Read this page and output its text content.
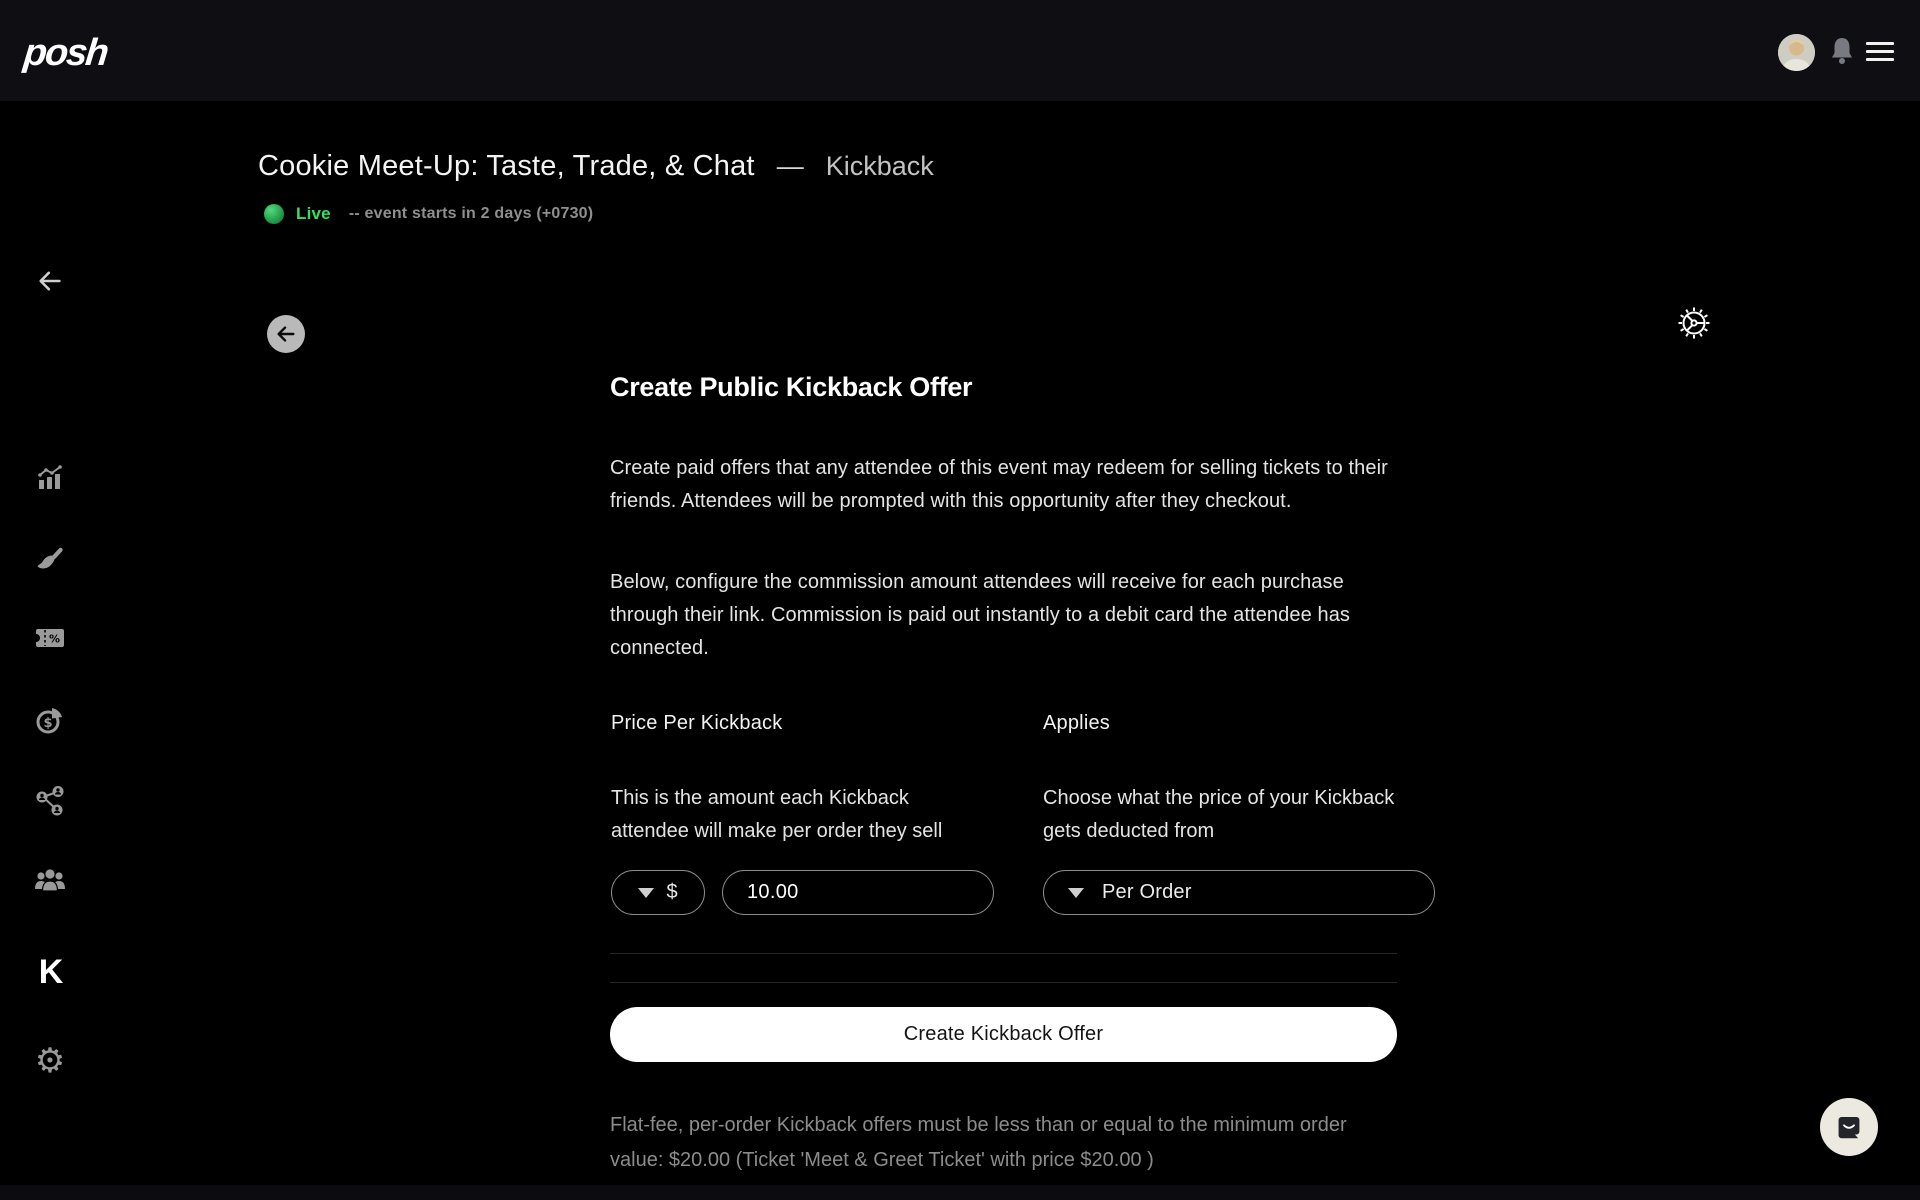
posh
%
$
K
⚙
Cookie Meet-Up: Taste, Trade, & Chat — Kickback
Live -- event starts in 2 days (+0730)
Create Public Kickback Offer

Create paid offers that any attendee of this event may redeem for selling tickets to their friends. Attendees will be prompted with this opportunity after they checkout.

Below, configure the commission amount attendees will receive for each purchase through their link. Commission is paid out instantly to a debit card the attendee has connected.

Price Per Kickback	Applies
This is the amount each Kickback attendee will make per order they sell
Choose what the price of your Kickback gets deducted from
$
10.00	Per Order
Create Kickback Offer

Flat-fee, per-order Kickback offers must be less than or equal to the minimum order value: $20.00 (Ticket 'Meet & Greet Ticket' with price $20.00 )
